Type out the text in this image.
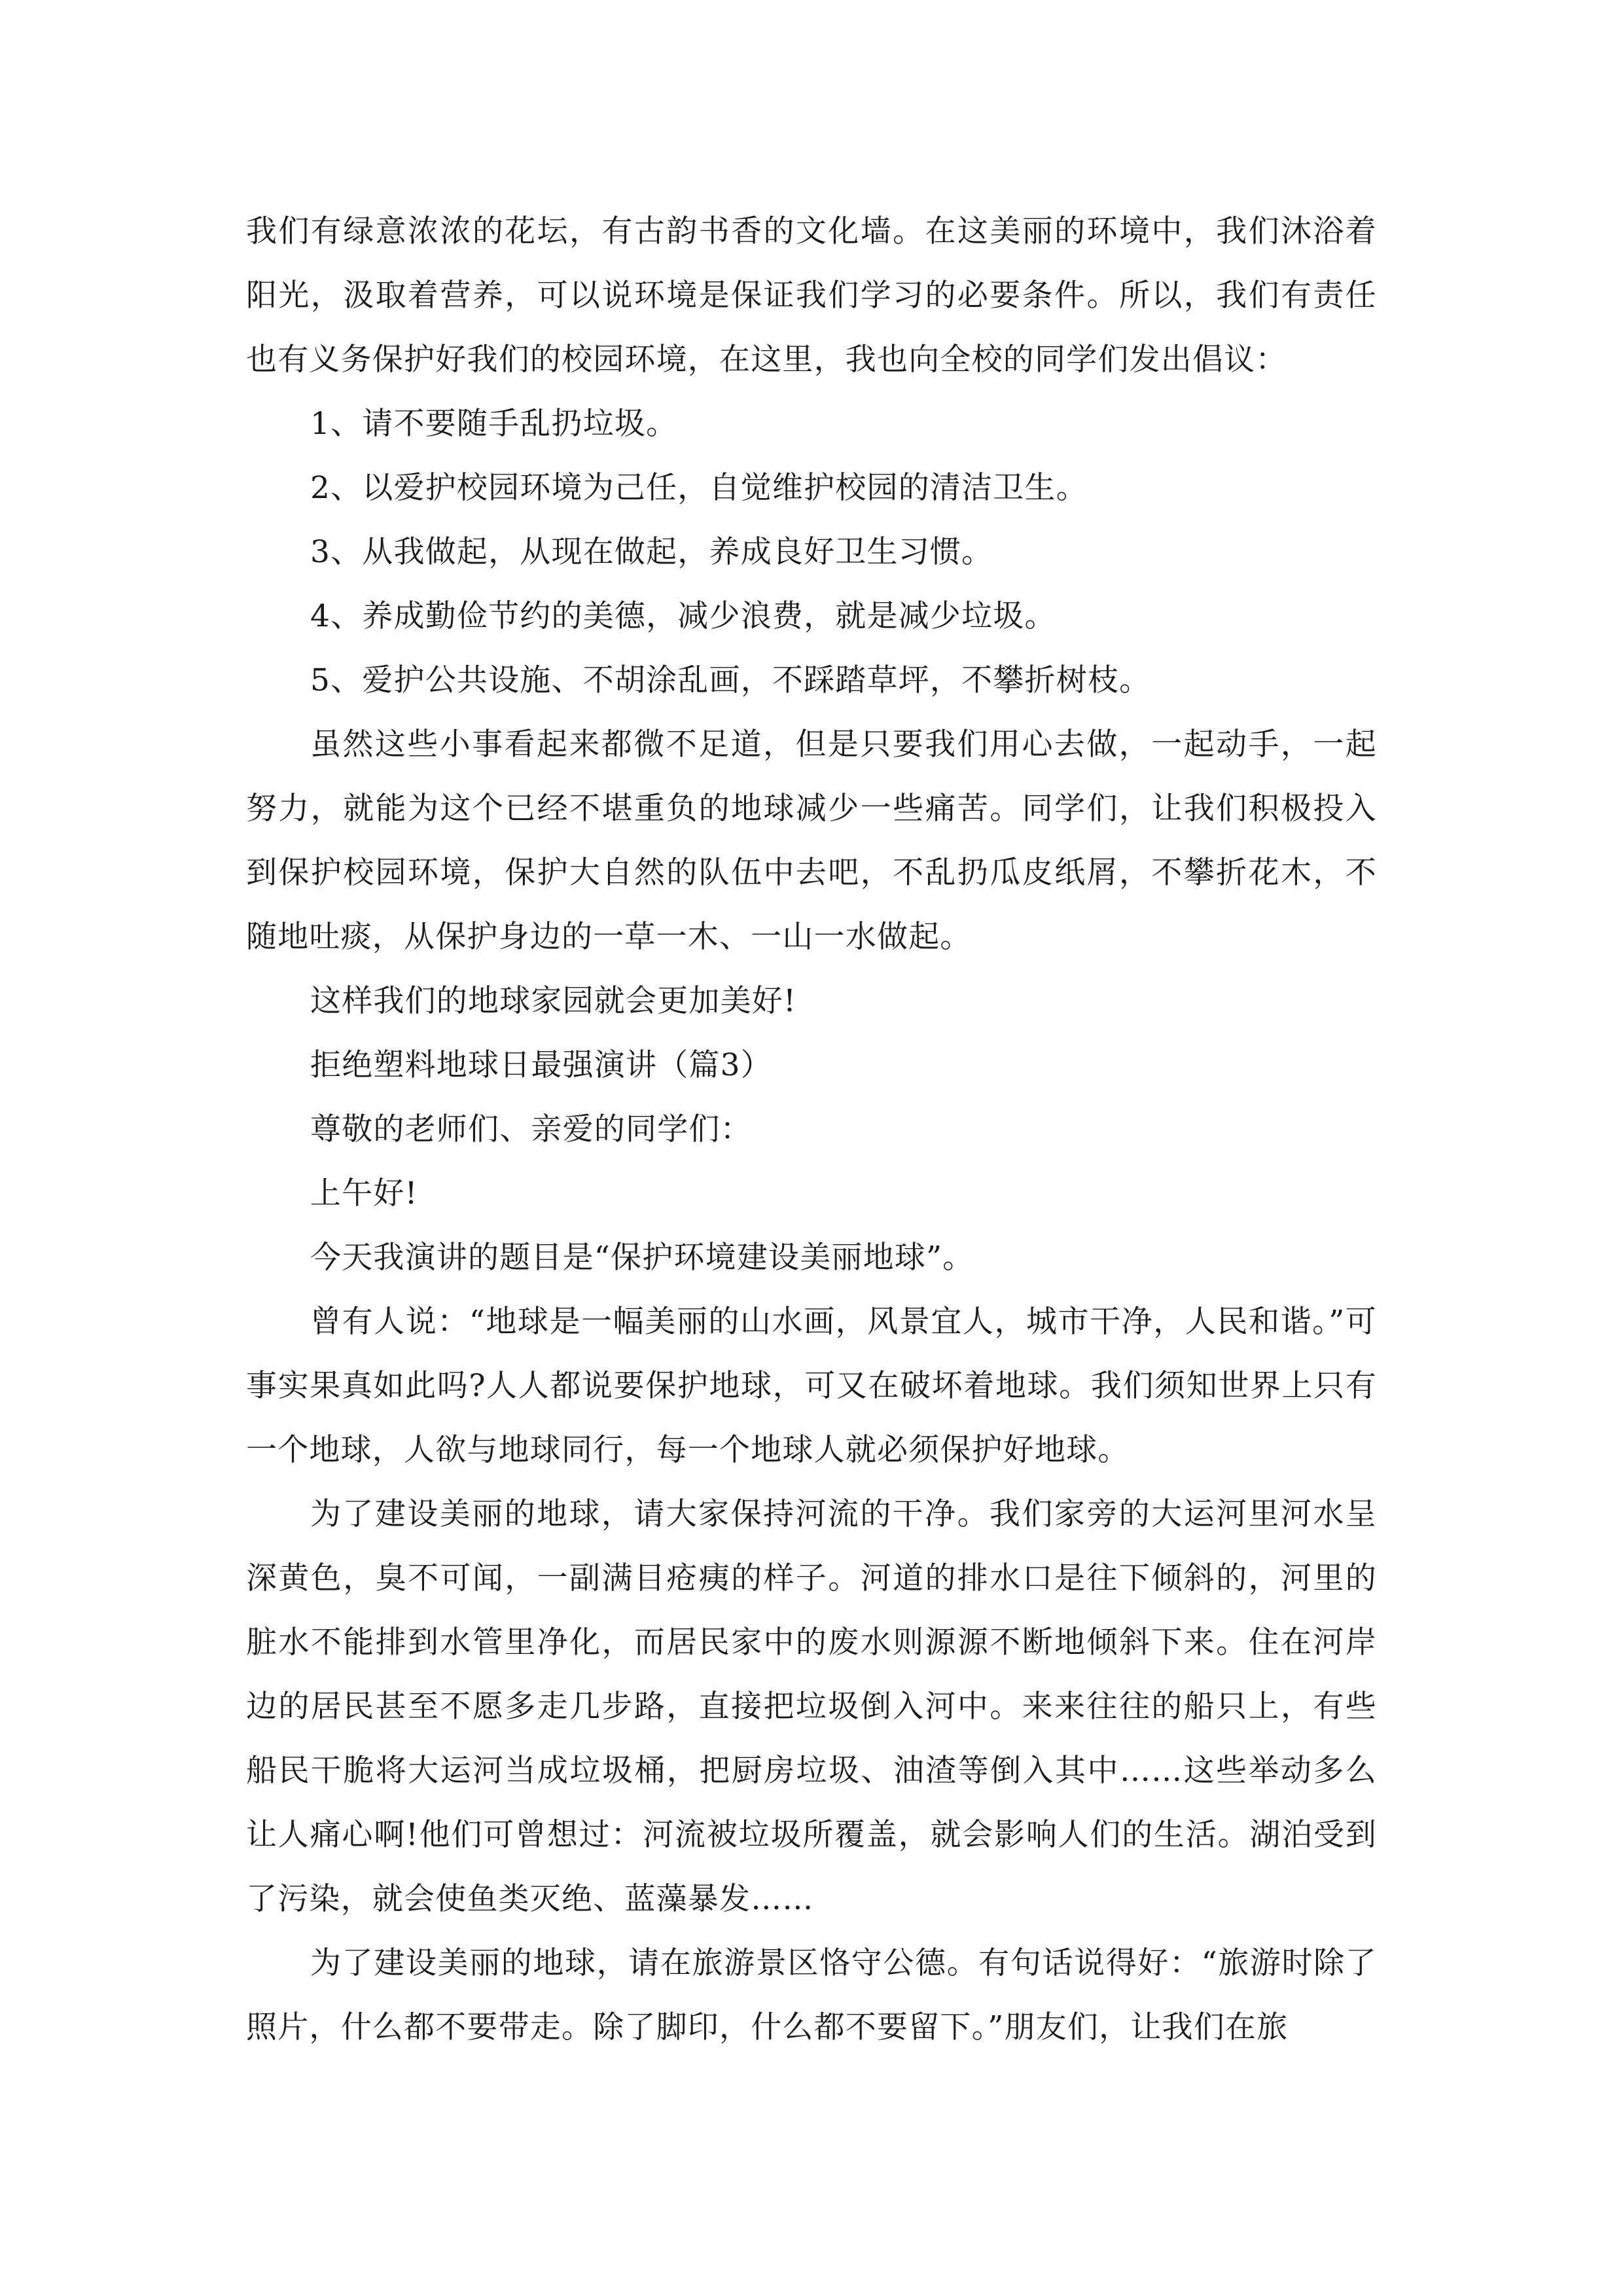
我们有绿意浓浓的花坛，有古韵书香的文化墙。在这美丽的环境中，我们沐浴着阳光，汲取着营养，可以说环境是保证我们学习的必要条件。所以，我们有责任也有义务保护好我们的校园环境，在这里，我也向全校的同学们发出倡议：

1、请不要随手乱扔垃圾。

2、以爱护校园环境为己任，自觉维护校园的清洁卫生。

3、从我做起，从现在做起，养成良好卫生习惯。

4、养成勤俭节约的美德，减少浪费，就是减少垃圾。

5、爱护公共设施、不胡涂乱画，不踩踏草坪，不攀折树枝。

虽然这些小事看起来都微不足道，但是只要我们用心去做，一起动手，一起努力，就能为这个已经不堪重负的地球减少一些痛苦。同学们，让我们积极投入到保护校园环境，保护大自然的队伍中去吧，不乱扔瓜皮纸屑，不攀折花木，不随地吐痰，从保护身边的一草一木、一山一水做起。

这样我们的地球家园就会更加美好!

拒绝塑料地球日最强演讲（篇3）

尊敬的老师们、亲爱的同学们：

上午好!

今天我演讲的题目是“保护环境建设美丽地球”。

曾有人说：“地球是一幅美丽的山水画，风景宜人，城市干净，人民和谐。”可事实果真如此吗?人人都说要保护地球，可又在破坏着地球。我们须知世界上只有一个地球，人欲与地球同行，每一个地球人就必须保护好地球。

为了建设美丽的地球，请大家保持河流的干净。我们家旁的大运河里河水呈深黄色，臭不可闻，一副满目疮痍的样子。河道的排水口是往下倾斜的，河里的脏水不能排到水管里净化，而居民家中的废水则源源不断地倾斜下来。住在河岸边的居民甚至不愿多走几步路，直接把垃圾倒入河中。来来往往的船只上，有些船民干脆将大运河当成垃圾桶，把厨房垃圾、油渣等倒入其中……这些举动多么让人痛心啊!他们可曾想过：河流被垃圾所覆盖，就会影响人们的生活。湖泊受到了污染，就会使鱼类灭绝、蓝藻暴发……

为了建设美丽的地球，请在旅游景区恪守公德。有句话说得好：“旅游时除了照片，什么都不要带走。除了脚印，什么都不要留下。”朋友们，让我们在旅
